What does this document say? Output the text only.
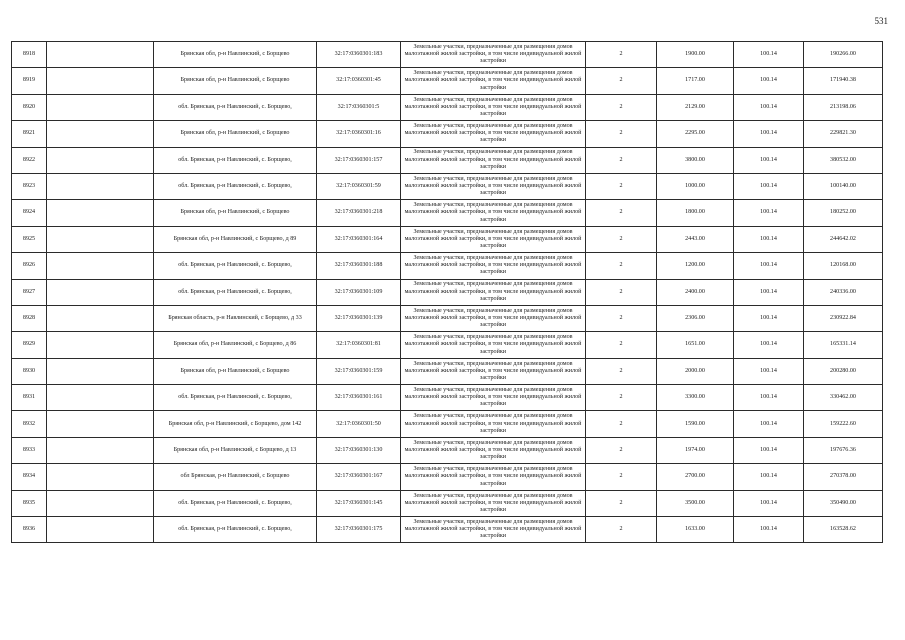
531
8918		Брянская обл, р-н Навлинский, с Борщево	32:17:0360301:183	Земельные участки, предназначенные для размещения домов малоэтажной жилой застройки, в том числе индивидуальной жилой застройки	2	1900.00	100.14	190266.00
8919		Брянская обл, р-н Навлинский, с Борщево	32:17:0360301:45	Земельные участки, предназначенные для размещения домов малоэтажной жилой застройки, в том числе индивидуальной жилой застройки	2	1717.00	100.14	171940.38
8920		обл. Брянская, р-н Навлинский, с. Борщево,	32:17:0360301:5	Земельные участки, предназначенные для размещения домов малоэтажной жилой застройки, в том числе индивидуальной жилой застройки	2	2129.00	100.14	213198.06
8921		Брянская обл, р-н Навлинский, с Борщево	32:17:0360301:16	Земельные участки, предназначенные для размещения домов малоэтажной жилой застройки, в том числе индивидуальной жилой застройки	2	2295.00	100.14	229821.30
8922		обл. Брянская, р-н Навлинский, с. Борщево,	32:17:0360301:157	Земельные участки, предназначенные для размещения домов малоэтажной жилой застройки, в том числе индивидуальной жилой застройки	2	3800.00	100.14	380532.00
8923		обл. Брянская, р-н Навлинский, с. Борщево,	32:17:0360301:59	Земельные участки, предназначенные для размещения домов малоэтажной жилой застройки, в том числе индивидуальной жилой застройки	2	1000.00	100.14	100140.00
8924		Брянская обл, р-н Навлинский, с Борщево	32:17:0360301:218	Земельные участки, предназначенные для размещения домов малоэтажной жилой застройки, в том числе индивидуальной жилой застройки	2	1800.00	100.14	180252.00
8925		Брянская обл, р-н Навлинский, с Борщево, д 89	32:17:0360301:164	Земельные участки, предназначенные для размещения домов малоэтажной жилой застройки, в том числе индивидуальной жилой застройки	2	2443.00	100.14	244642.02
8926		обл. Брянская, р-н Навлинский, с. Борщево,	32:17:0360301:188	Земельные участки, предназначенные для размещения домов малоэтажной жилой застройки, в том числе индивидуальной жилой застройки	2	1200.00	100.14	120168.00
8927		обл. Брянская, р-н Навлинский, с. Борщево,	32:17:0360301:109	Земельные участки, предназначенные для размещения домов малоэтажной жилой застройки, в том числе индивидуальной жилой застройки	2	2400.00	100.14	240336.00
8928		Брянская область, р-н Навлинский, с Борщево, д 33	32:17:0360301:139	Земельные участки, предназначенные для размещения домов малоэтажной жилой застройки, в том числе индивидуальной жилой застройки	2	2306.00	100.14	230922.84
8929		Брянская обл, р-н Навлинский, с Борщево, д 86	32:17:0360301:81	Земельные участки, предназначенные для размещения домов малоэтажной жилой застройки, в том числе индивидуальной жилой застройки	2	1651.00	100.14	165331.14
8930		Брянская обл, р-н Навлинский, с Борщево	32:17:0360301:159	Земельные участки, предназначенные для размещения домов малоэтажной жилой застройки, в том числе индивидуальной жилой застройки	2	2000.00	100.14	200280.00
8931		обл. Брянская, р-н Навлинский, с. Борщево,	32:17:0360301:161	Земельные участки, предназначенные для размещения домов малоэтажной жилой застройки, в том числе индивидуальной жилой застройки	2	3300.00	100.14	330462.00
8932		Брянская обл, р-н Навлинский, с Борщево, дом 142	32:17:0360301:50	Земельные участки, предназначенные для размещения домов малоэтажной жилой застройки, в том числе индивидуальной жилой застройки	2	1590.00	100.14	159222.60
8933		Брянская обл, р-н Навлинский, с Борщево, д 13	32:17:0360301:130	Земельные участки, предназначенные для размещения домов малоэтажной жилой застройки, в том числе индивидуальной жилой застройки	2	1974.00	100.14	197676.36
8934		обл Брянская, р-н Навлинский, с Борщево	32:17:0360301:167	Земельные участки, предназначенные для размещения домов малоэтажной жилой застройки, в том числе индивидуальной жилой застройки	2	2700.00	100.14	270378.00
8935		обл. Брянская, р-н Навлинский, с. Борщево,	32:17:0360301:145	Земельные участки, предназначенные для размещения домов малоэтажной жилой застройки, в том числе индивидуальной жилой застройки	2	3500.00	100.14	350490.00
8936		обл. Брянская, р-н Навлинский, с. Борщево,	32:17:0360301:175	Земельные участки, предназначенные для размещения домов малоэтажной жилой застройки, в том числе индивидуальной жилой застройки	2	1633.00	100.14	163528.62
